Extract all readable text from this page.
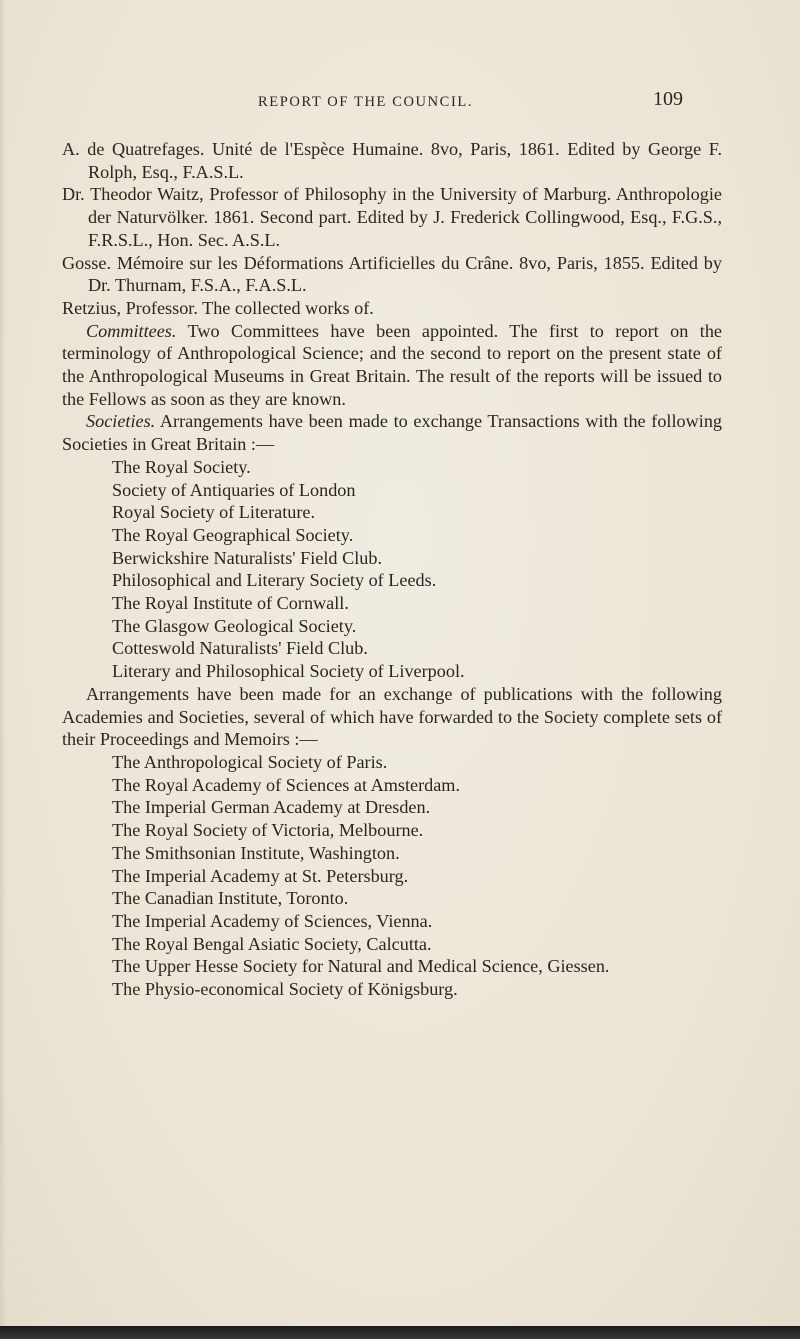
REPORT OF THE COUNCIL.	109

A. de Quatrefages. Unité de l'Espèce Humaine. 8vo, Paris, 1861. Edited by George F. Rolph, Esq., F.A.S.L.

Dr. Theodor Waitz, Professor of Philosophy in the University of Marburg. Anthropologie der Naturvölker. 1861. Second part. Edited by J. Frederick Collingwood, Esq., F.G.S., F.R.S.L., Hon. Sec. A.S.L.

Gosse. Mémoire sur les Déformations Artificielles du Crâne. 8vo, Paris, 1855. Edited by Dr. Thurnam, F.S.A., F.A.S.L.

Retzius, Professor. The collected works of.

Committees. Two Committees have been appointed. The first to report on the terminology of Anthropological Science; and the second to report on the present state of the Anthropological Museums in Great Britain. The result of the reports will be issued to the Fellows as soon as they are known.

Societies. Arrangements have been made to exchange Transactions with the following Societies in Great Britain :—

The Royal Society.

Society of Antiquaries of London

Royal Society of Literature.

The Royal Geographical Society.

Berwickshire Naturalists' Field Club.

Philosophical and Literary Society of Leeds.

The Royal Institute of Cornwall.

The Glasgow Geological Society.

Cotteswold Naturalists' Field Club.

Literary and Philosophical Society of Liverpool.

Arrangements have been made for an exchange of publications with the following Academies and Societies, several of which have forwarded to the Society complete sets of their Proceedings and Memoirs :—

The Anthropological Society of Paris.

The Royal Academy of Sciences at Amsterdam.

The Imperial German Academy at Dresden.

The Royal Society of Victoria, Melbourne.

The Smithsonian Institute, Washington.

The Imperial Academy at St. Petersburg.

The Canadian Institute, Toronto.

The Imperial Academy of Sciences, Vienna.

The Royal Bengal Asiatic Society, Calcutta.

The Upper Hesse Society for Natural and Medical Science, Giessen.

The Physio-economical Society of Königsburg.
